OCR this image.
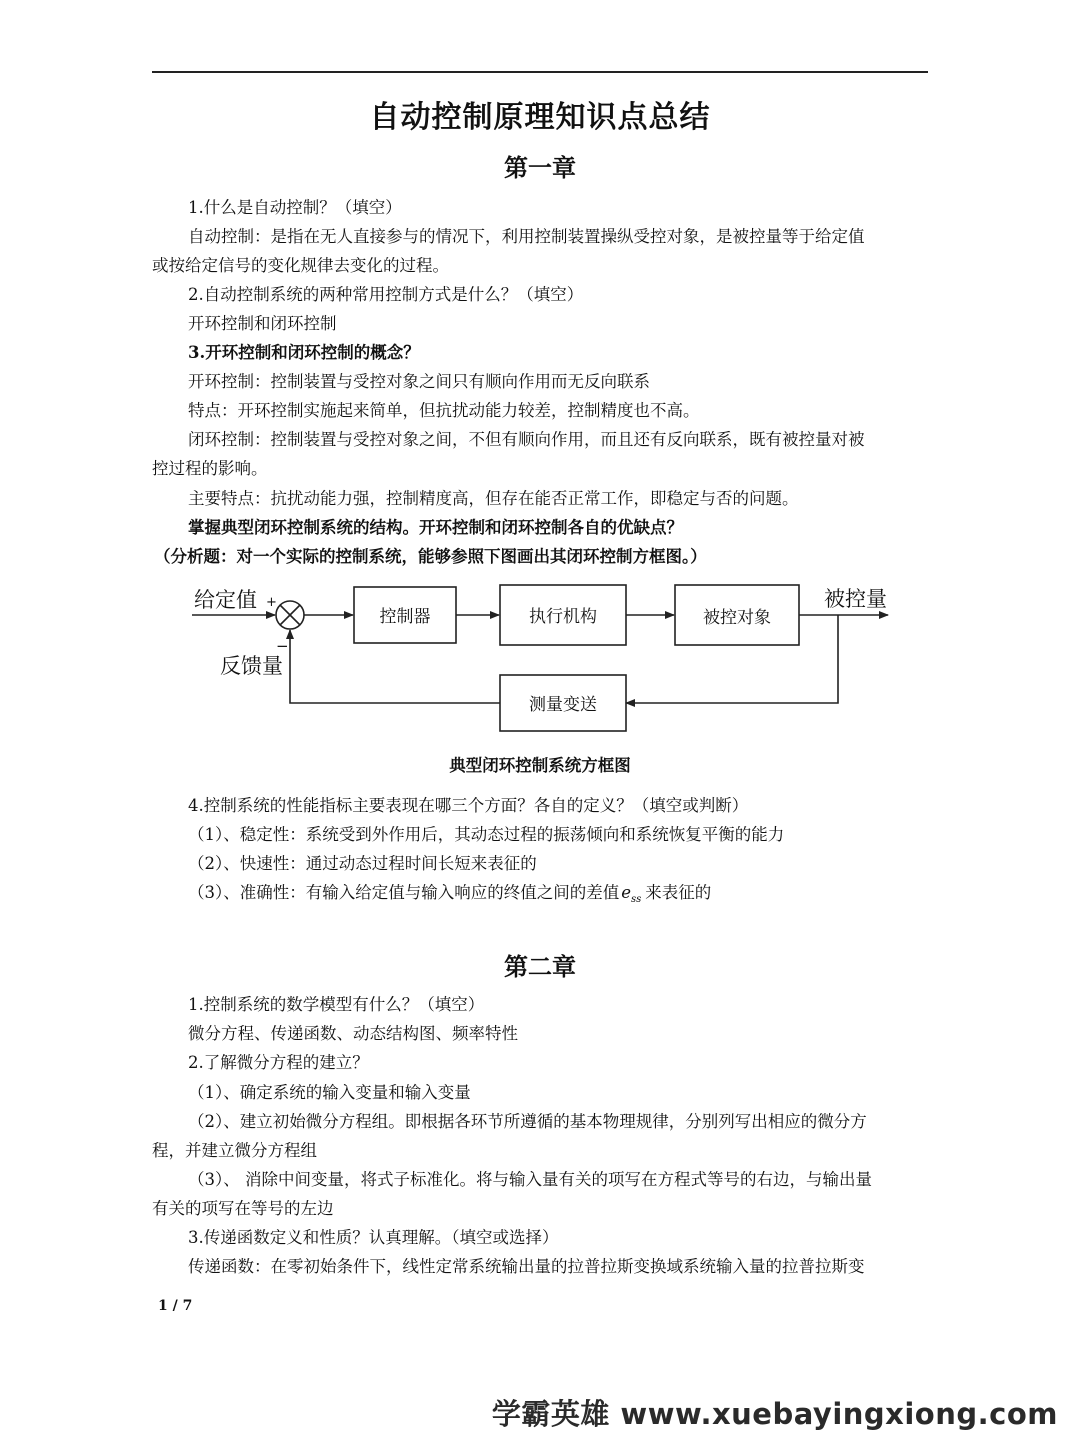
自动控制原理知识点总结
第一章
1.什么是自动控制？（填空）
自动控制：是指在无人直接参与的情况下，利用控制装置操纵受控对象，是被控量等于给定值
或按给定信号的变化规律去变化的过程。
2.自动控制系统的两种常用控制方式是什么？（填空）
开环控制和闭环控制
3.开环控制和闭环控制的概念？
开环控制：控制装置与受控对象之间只有顺向作用而无反向联系
特点：开环控制实施起来简单，但抗扰动能力较差，控制精度也不高。
闭环控制：控制装置与受控对象之间，不但有顺向作用，而且还有反向联系，既有被控量对被
控过程的影响。
主要特点：抗扰动能力强，控制精度高，但存在能否正常工作，即稳定与否的问题。
掌握典型闭环控制系统的结构。开环控制和闭环控制各自的优缺点？
（分析题：对一个实际的控制系统，能够参照下图画出其闭环控制方框图。）
给定值 +
−
反馈量
控制器	执行机构	被控对象
被控量
测量变送
典型闭环控制系统方框图
4.控制系统的性能指标主要表现在哪三个方面？各自的定义？（填空或判断）
（1）、稳定性：系统受到外作用后，其动态过程的振荡倾向和系统恢复平衡的能力
（2）、快速性：通过动态过程时间长短来表征的
（3）、准确性：有输入给定值与输入响应的终值之间的差值 $e_{ss}$ 来表征的
第二章
1.控制系统的数学模型有什么？（填空）
微分方程、传递函数、动态结构图、频率特性
2.了解微分方程的建立？
（1）、确定系统的输入变量和输入变量
（2）、建立初始微分方程组。即根据各环节所遵循的基本物理规律，分别列写出相应的微分方
程，并建立微分方程组
（3）、 消除中间变量，将式子标准化。将与输入量有关的项写在方程式等号的右边，与输出量
有关的项写在等号的左边
3.传递函数定义和性质？认真理解。（填空或选择）
传递函数：在零初始条件下，线性定常系统输出量的拉普拉斯变换域系统输入量的拉普拉斯变
1 / 7
学霸英雄 www.xuebayingxiong.com
